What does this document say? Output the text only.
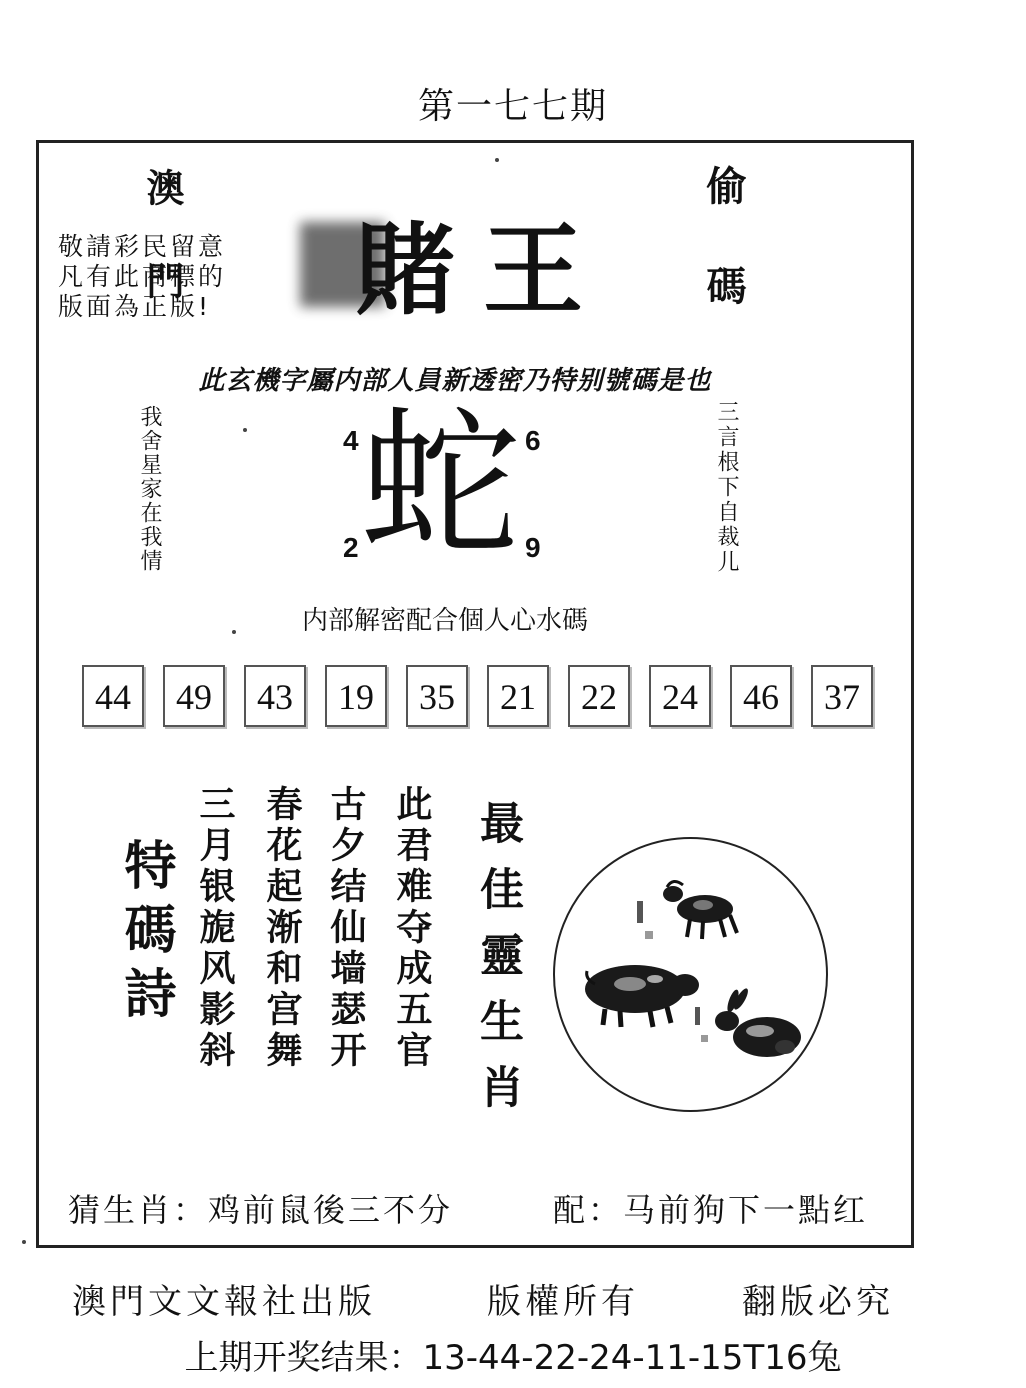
第一七七期
澳門	偷碼
敬請彩民留意
凡有此商標的
版面為正版!	賭王
此玄機字屬内部人員新透密乃特别號碼是也
我舍星家在我情	三言根下自裁儿
蛇
4	6
2	9
内部解密配合個人心水碼
44	49	43	19	35	21	22	24	46	37
特碼詩 三月银旎风影斜 春花起渐和宫舞 古夕结仙墙瑟开 此君难夺成五官 最佳靈生肖
猜生肖：鸡前鼠後三不分	配：马前狗下一點红
澳門文文報社出版	版權所有	翻版必究
上期开奖结果：13-44-22-24-11-15T16兔
